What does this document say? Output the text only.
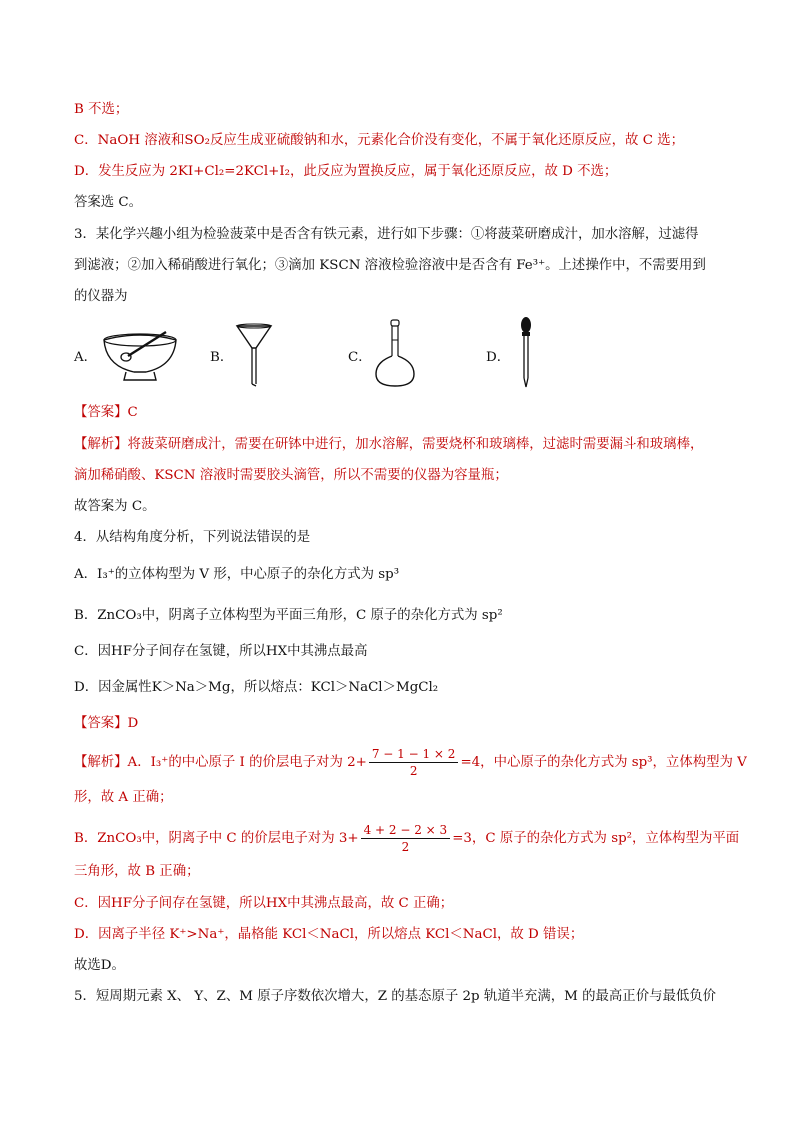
B 不选；
C．NaOH 溶液和SO₂反应生成亚硫酸钠和水，元素化合价没有变化，不属于氧化还原反应，故 C 选；
D．发生反应为 2KI+Cl₂=2KCl+I₂，此反应为置换反应，属于氧化还原反应，故 D 不选；
答案选 C。
3．某化学兴趣小组为检验菠菜中是否含有铁元素，进行如下步骤：①将菠菜研磨成汁，加水溶解，过滤得
到滤液；②加入稀硝酸进行氧化；③滴加 KSCN 溶液检验溶液中是否含有 Fe³⁺。上述操作中，不需要用到
的仪器为
A．	B．	C．	D．
【答案】C
【解析】将菠菜研磨成汁，需要在研钵中进行，加水溶解，需要烧杯和玻璃棒，过滤时需要漏斗和玻璃棒，
滴加稀硝酸、KSCN 溶液时需要胶头滴管，所以不需要的仪器为容量瓶；
故答案为 C。
4．从结构角度分析，下列说法错误的是
A．I₃⁺的立体构型为 V 形，中心原子的杂化方式为 sp³
B．ZnCO₃中，阴离子立体构型为平面三角形，C 原子的杂化方式为 sp²
C．因HF分子间存在氢键，所以HX中其沸点最高
D．因金属性K＞Na＞Mg，所以熔点：KCl＞NaCl＞MgCl₂
【答案】D
【解析】A．I₃⁺的中心原子 I 的价层电子对为 $2+ \frac{7 - 1 - 1 \times 2}{2} =4$，中心原子的杂化方式为 sp³，立体构型为 V
形，故 A 正确；
B．ZnCO₃中，阴离子中 C 的价层电子对为 $3+ \frac{4 + 2 - 2 \times 3}{2} =3$，C 原子的杂化方式为 sp²，立体构型为平面
三角形，故 B 正确；
C．因HF分子间存在氢键，所以HX中其沸点最高，故 C 正确；
D．因离子半径 K⁺>Na⁺，晶格能 KCl＜NaCl，所以熔点 KCl＜NaCl，故 D 错误；
故选D。
5．短周期元素 X、 Y、Z、M 原子序数依次增大，Z 的基态原子 2p 轨道半充满，M 的最高正价与最低负价
